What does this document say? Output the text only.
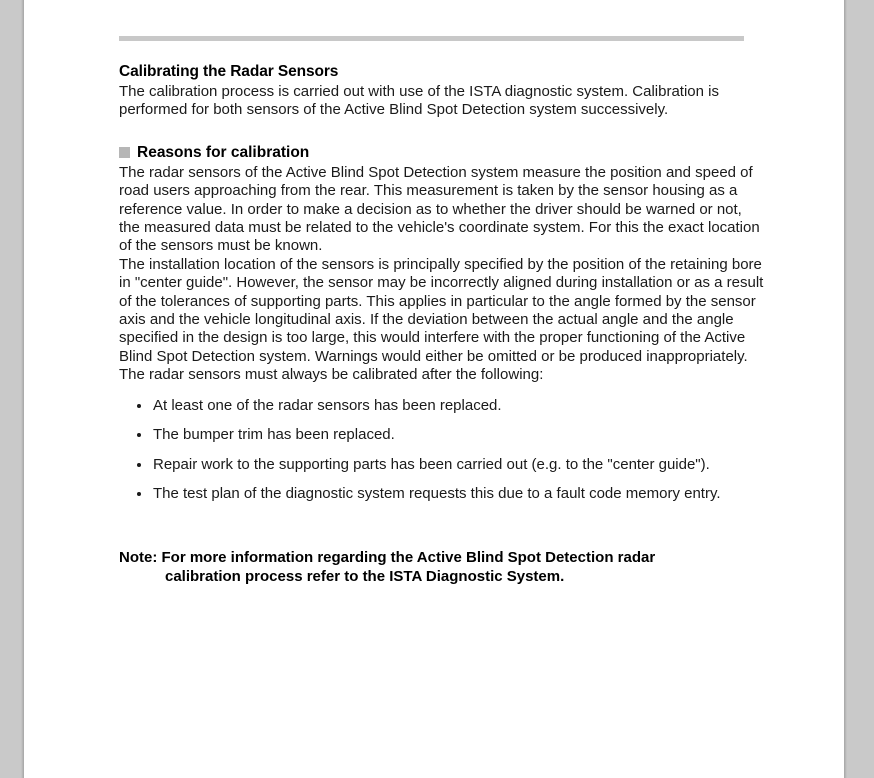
Calibrating the Radar Sensors

The calibration process is carried out with use of the ISTA diagnostic system. Calibration is performed for both sensors of the Active Blind Spot Detection system successively.

Reasons for calibration

The radar sensors of the Active Blind Spot Detection system measure the position and speed of road users approaching from the rear. This measurement is taken by the sensor housing as a reference value. In order to make a decision as to whether the driver should be warned or not, the measured data must be related to the vehicle's coordinate system. For this the exact location of the sensors must be known.

The installation location of the sensors is principally specified by the position of the retaining bore in "center guide". However, the sensor may be incorrectly aligned during installation or as a result of the tolerances of supporting parts. This applies in particular to the angle formed by the sensor axis and the vehicle longitudinal axis. If the deviation between the actual angle and the angle specified in the design is too large, this would interfere with the proper functioning of the Active Blind Spot Detection system. Warnings would either be omitted or be produced inappropriately.

The radar sensors must always be calibrated after the following:

At least one of the radar sensors has been replaced.
The bumper trim has been replaced.
Repair work to the supporting parts has been carried out (e.g. to the "center guide").
The test plan of the diagnostic system requests this due to a fault code memory entry.
Note: For more information regarding the Active Blind Spot Detection radar
calibration process refer to the ISTA Diagnostic System.
